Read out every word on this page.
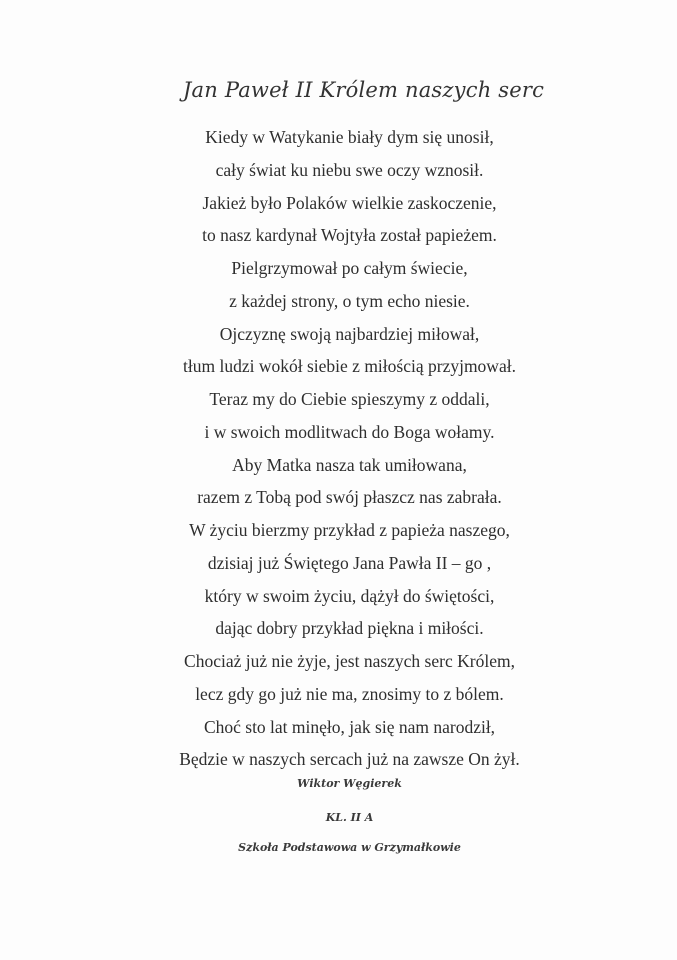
Jan Paweł II Królem naszych serc
Kiedy w Watykanie biały dym się unosił,
cały świat ku niebu swe oczy wznosił.
Jakież było Polaków wielkie zaskoczenie,
to nasz kardynał Wojtyła został papieżem.
Pielgrzymował po całym świecie,
z każdej strony, o tym echo niesie.
Ojczyznę swoją najbardziej miłował,
tłum ludzi wokół siebie z miłością przyjmował.
Teraz my do Ciebie spieszymy z oddali,
i w swoich modlitwach do Boga wołamy.
Aby Matka nasza tak umiłowana,
razem z Tobą pod swój płaszcz nas zabrała.
W życiu bierzmy przykład z papieża naszego,
dzisiaj już Świętego Jana Pawła II – go ,
który w swoim życiu, dążył do świętości,
dając dobry przykład piękna i miłości.
Chociaż już nie żyje, jest naszych serc Królem,
lecz gdy go już nie ma, znosimy to z bólem.
Choć sto lat minęło, jak się nam narodził,
Będzie w naszych sercach już na zawsze On żył.
Wiktor Węgierek
KL. II A
Szkoła Podstawowa w Grzymałkowie
